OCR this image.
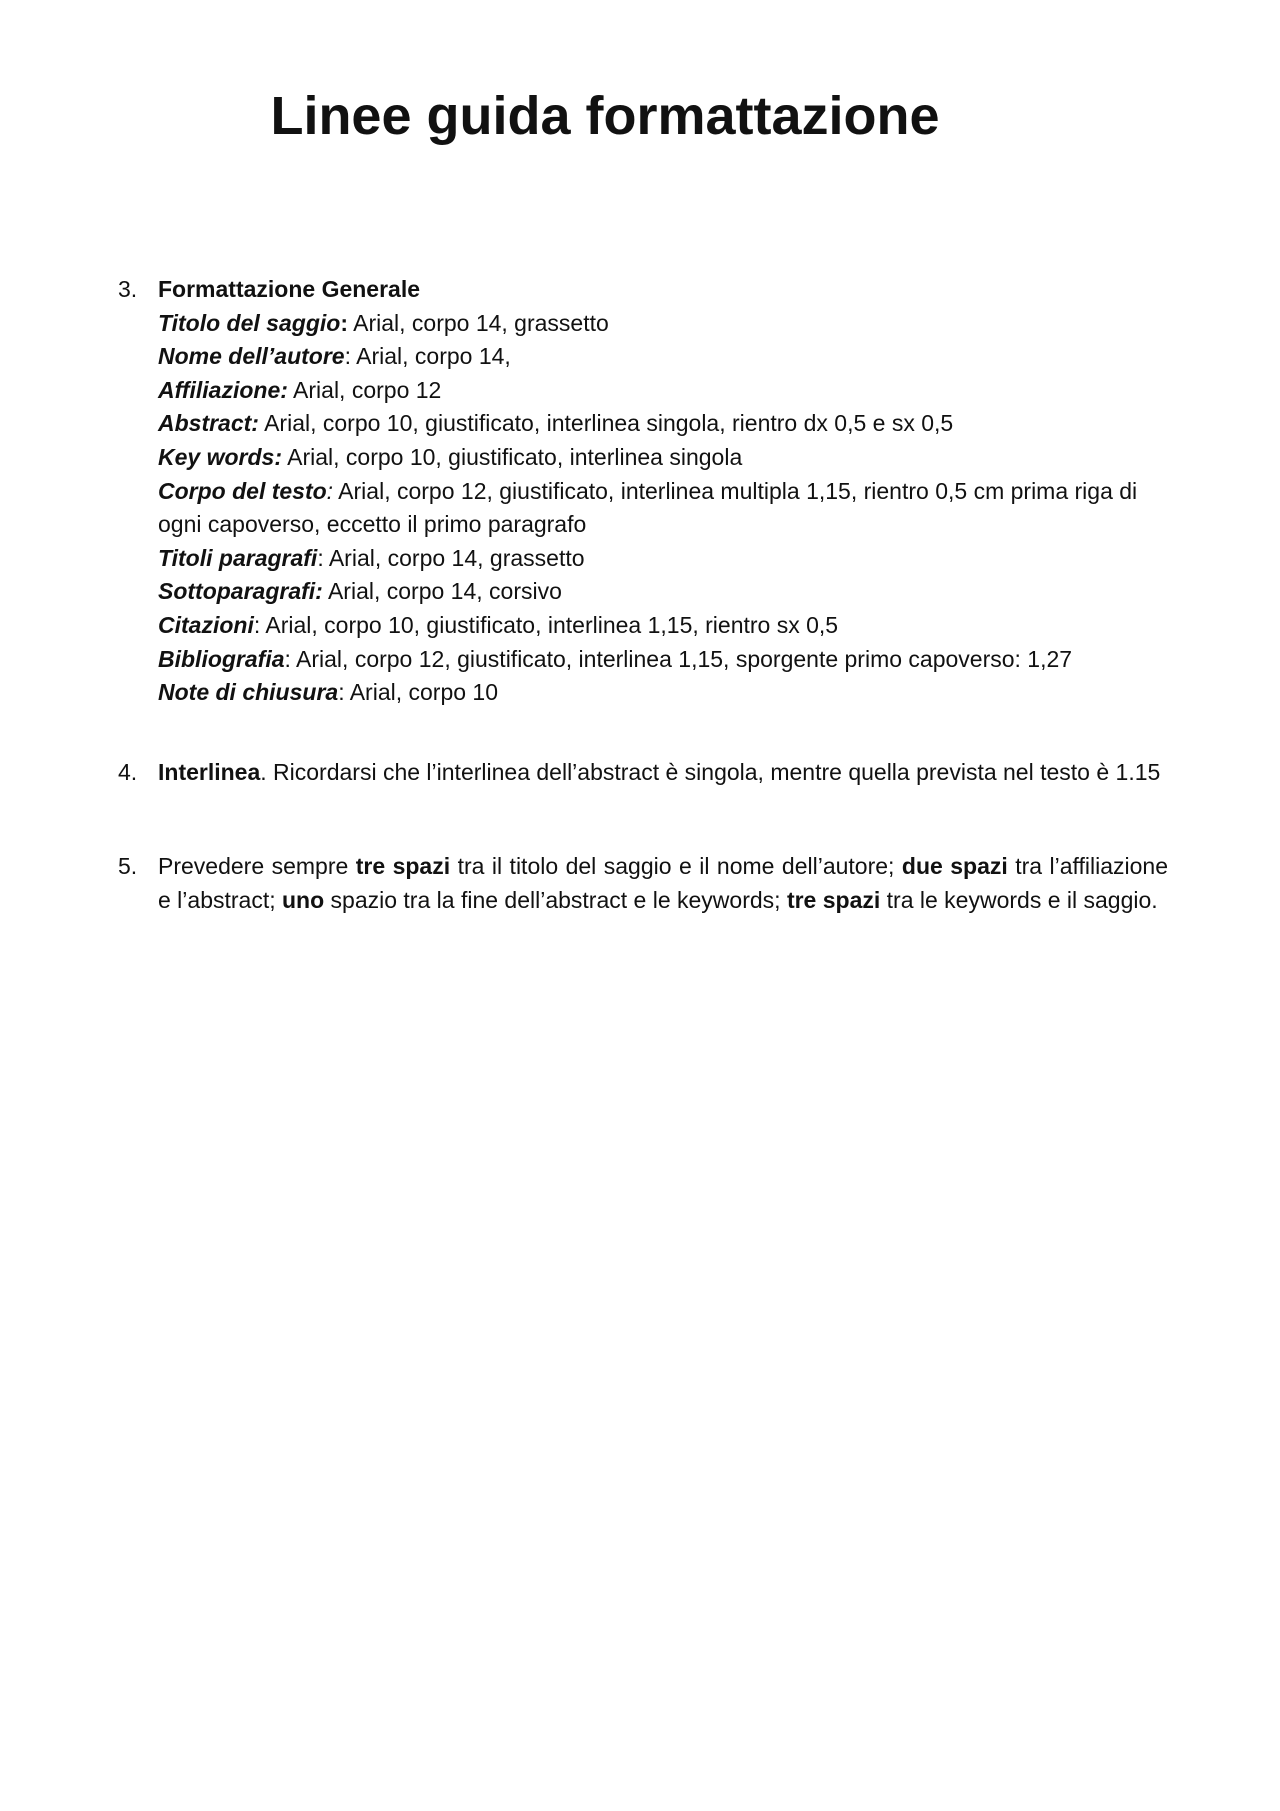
Linee guida formattazione
3. Formattazione Generale
Titolo del saggio: Arial, corpo 14, grassetto
Nome dell’autore: Arial, corpo 14,
Affiliazione: Arial, corpo 12
Abstract: Arial, corpo 10, giustificato, interlinea singola, rientro dx 0,5 e sx 0,5
Key words: Arial, corpo 10, giustificato, interlinea singola
Corpo del testo: Arial, corpo 12, giustificato, interlinea multipla 1,15, rientro 0,5 cm prima riga di ogni capoverso, eccetto il primo paragrafo
Titoli paragrafi: Arial, corpo 14, grassetto
Sottoparagrafi: Arial, corpo 14, corsivo
Citazioni: Arial, corpo 10, giustificato, interlinea 1,15, rientro sx 0,5
Bibliografia: Arial, corpo 12, giustificato, interlinea 1,15, sporgente primo capoverso: 1,27
Note di chiusura: Arial, corpo 10
4. Interlinea. Ricordarsi che l’interlinea dell’abstract è singola, mentre quella prevista nel testo è 1.15
5. Prevedere sempre tre spazi tra il titolo del saggio e il nome dell’autore; due spazi tra l’affiliazione e l’abstract; uno spazio tra la fine dell’abstract e le keywords; tre spazi tra le keywords e il saggio.
